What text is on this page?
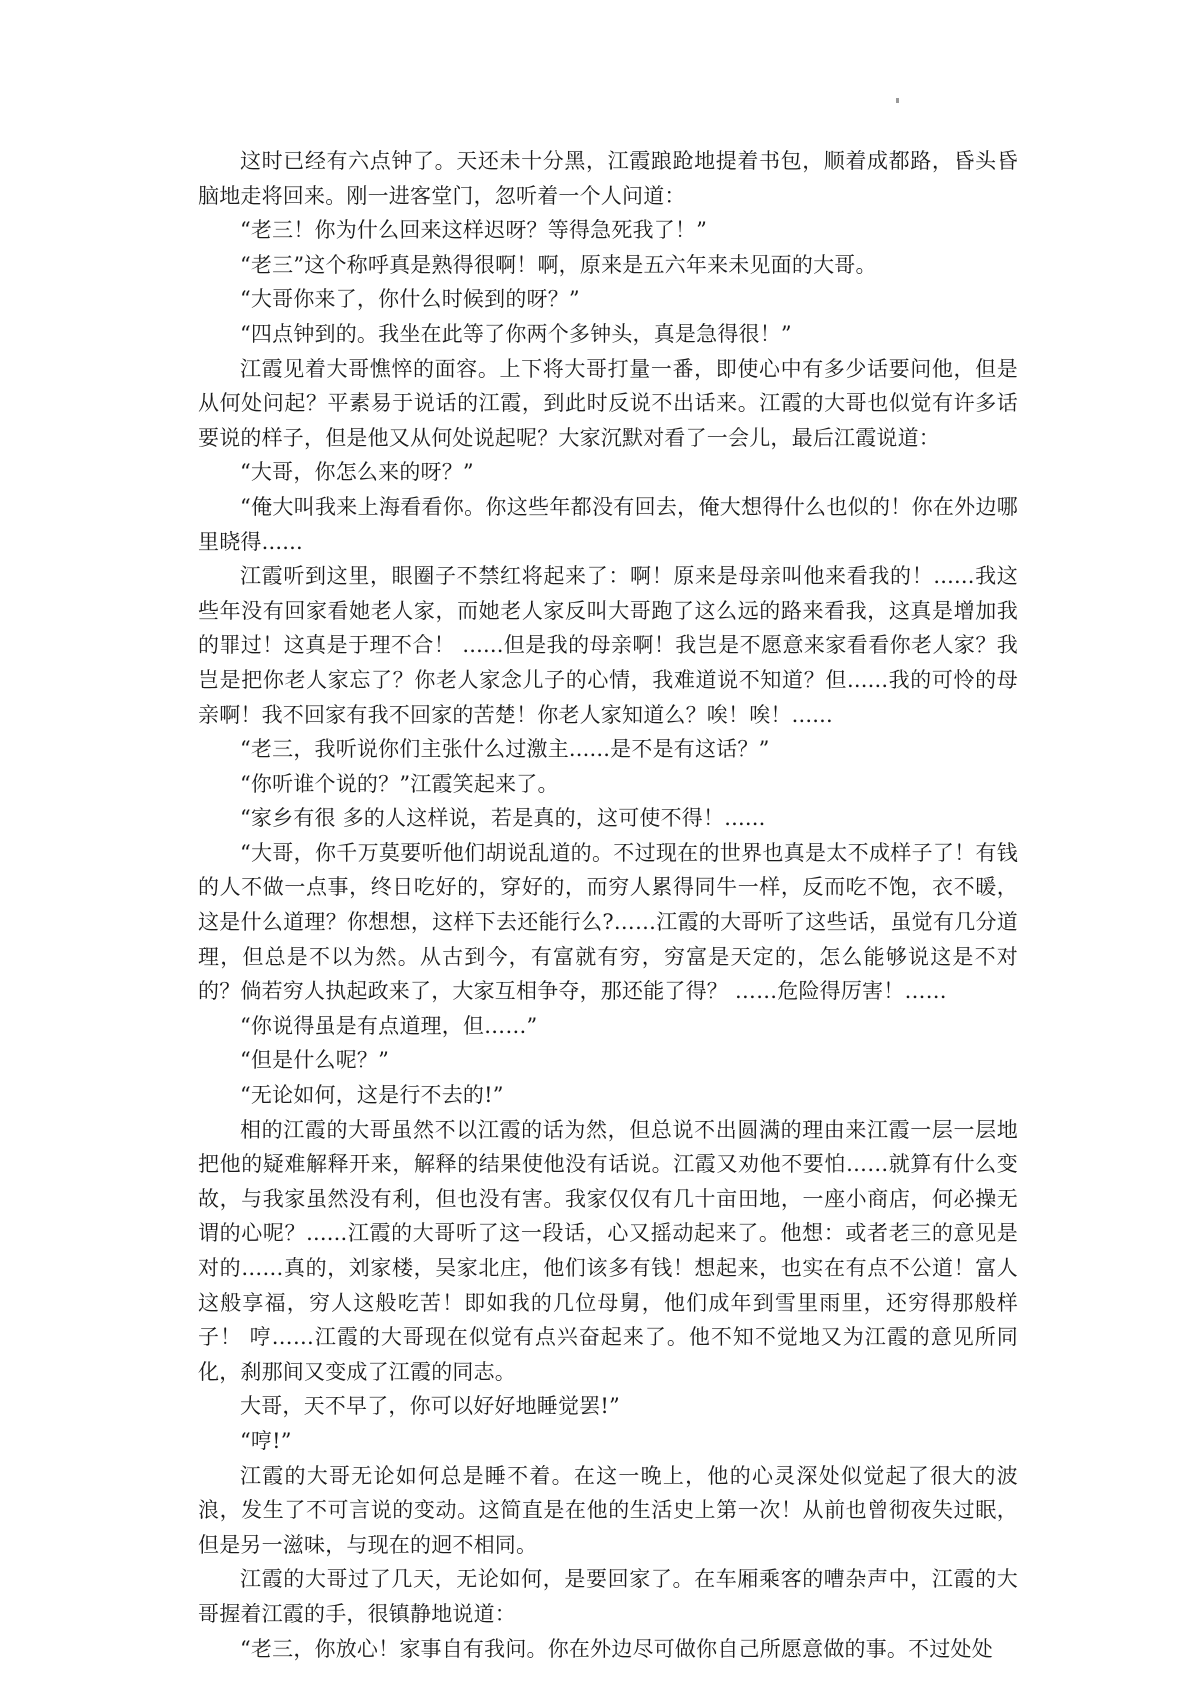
这时已经有六点钟了。天还未十分黑，江霞踉跄地提着书包，顺着成都路，昏头昏脑地走将回来。刚一进客堂门，忽听着一个人问道：

“老三！你为什么回来这样迟呀？等得急死我了！”

“老三”这个称呼真是熟得很啊！啊，原来是五六年来未见面的大哥。

“大哥你来了，你什么时候到的呀？”

“四点钟到的。我坐在此等了你两个多钟头，真是急得很！”

江霞见着大哥憔悴的面容。上下将大哥打量一番，即使心中有多少话要问他，但是从何处问起？平素易于说话的江霞，到此时反说不出话来。江霞的大哥也似觉有许多话要说的样子，但是他又从何处说起呢？大家沉默对看了一会儿，最后江霞说道：

“大哥，你怎么来的呀？”

“俺大叫我来上海看看你。你这些年都没有回去，俺大想得什么也似的！你在外边哪里晓得......

江霞听到这里，眼圈子不禁红将起来了：啊！原来是母亲叫他来看我的！......我这些年没有回家看她老人家，而她老人家反叫大哥跑了这么远的路来看我，这真是增加我的罪过！这真是于理不合！ ......但是我的母亲啊！我岂是不愿意来家看看你老人家？我岂是把你老人家忘了？你老人家念儿子的心情，我难道说不知道？但......我的可怜的母亲啊！我不回家有我不回家的苦楚！你老人家知道么？唉！唉！......

“老三，我听说你们主张什么过激主......是不是有这话？”

“你听谁个说的？”江霞笑起来了。

“家乡有很 多的人这样说，若是真的，这可使不得！......

“大哥，你千万莫要听他们胡说乱道的。不过现在的世界也真是太不成样子了！有钱的人不做一点事，终日吃好的，穿好的，而穷人累得同牛一样，反而吃不饱，衣不暖，这是什么道理？你想想，这样下去还能行么?……江霞的大哥听了这些话，虽觉有几分道理，但总是不以为然。从古到今，有富就有穷，穷富是天定的，怎么能够说这是不对的？倘若穷人执起政来了，大家互相争夺，那还能了得？ ……危险得厉害！……

“你说得虽是有点道理，但……”

“但是什么呢？”

“无论如何，这是行不去的!”

相的江霞的大哥虽然不以江霞的话为然，但总说不出圆满的理由来江霞一层一层地把他的疑难解释开来，解释的结果使他没有话说。江霞又劝他不要怕……就算有什么变故，与我家虽然没有利，但也没有害。我家仅仅有几十亩田地，一座小商店，何必操无谓的心呢？......江霞的大哥听了这一段话，心又摇动起来了。他想：或者老三的意见是对的……真的，刘家楼，吴家北庄，他们该多有钱！想起来，也实在有点不公道！富人这般享福，穷人这般吃苦！即如我的几位母舅，他们成年到雪里雨里，还穷得那般样子！ 哼……江霞的大哥现在似觉有点兴奋起来了。他不知不觉地又为江霞的意见所同化，刹那间又变成了江霞的同志。

大哥，天不早了，你可以好好地睡觉罢!”

“哼!”

江霞的大哥无论如何总是睡不着。在这一晚上，他的心灵深处似觉起了很大的波浪，发生了不可言说的变动。这简直是在他的生活史上第一次！从前也曾彻夜失过眠，但是另一滋味，与现在的迥不相同。

江霞的大哥过了几天，无论如何，是要回家了。在车厢乘客的嘈杂声中，江霞的大哥握着江霞的手，很镇静地说道：

“老三，你放心！家事自有我问。你在外边尽可做你自己所愿意做的事。不过处处
